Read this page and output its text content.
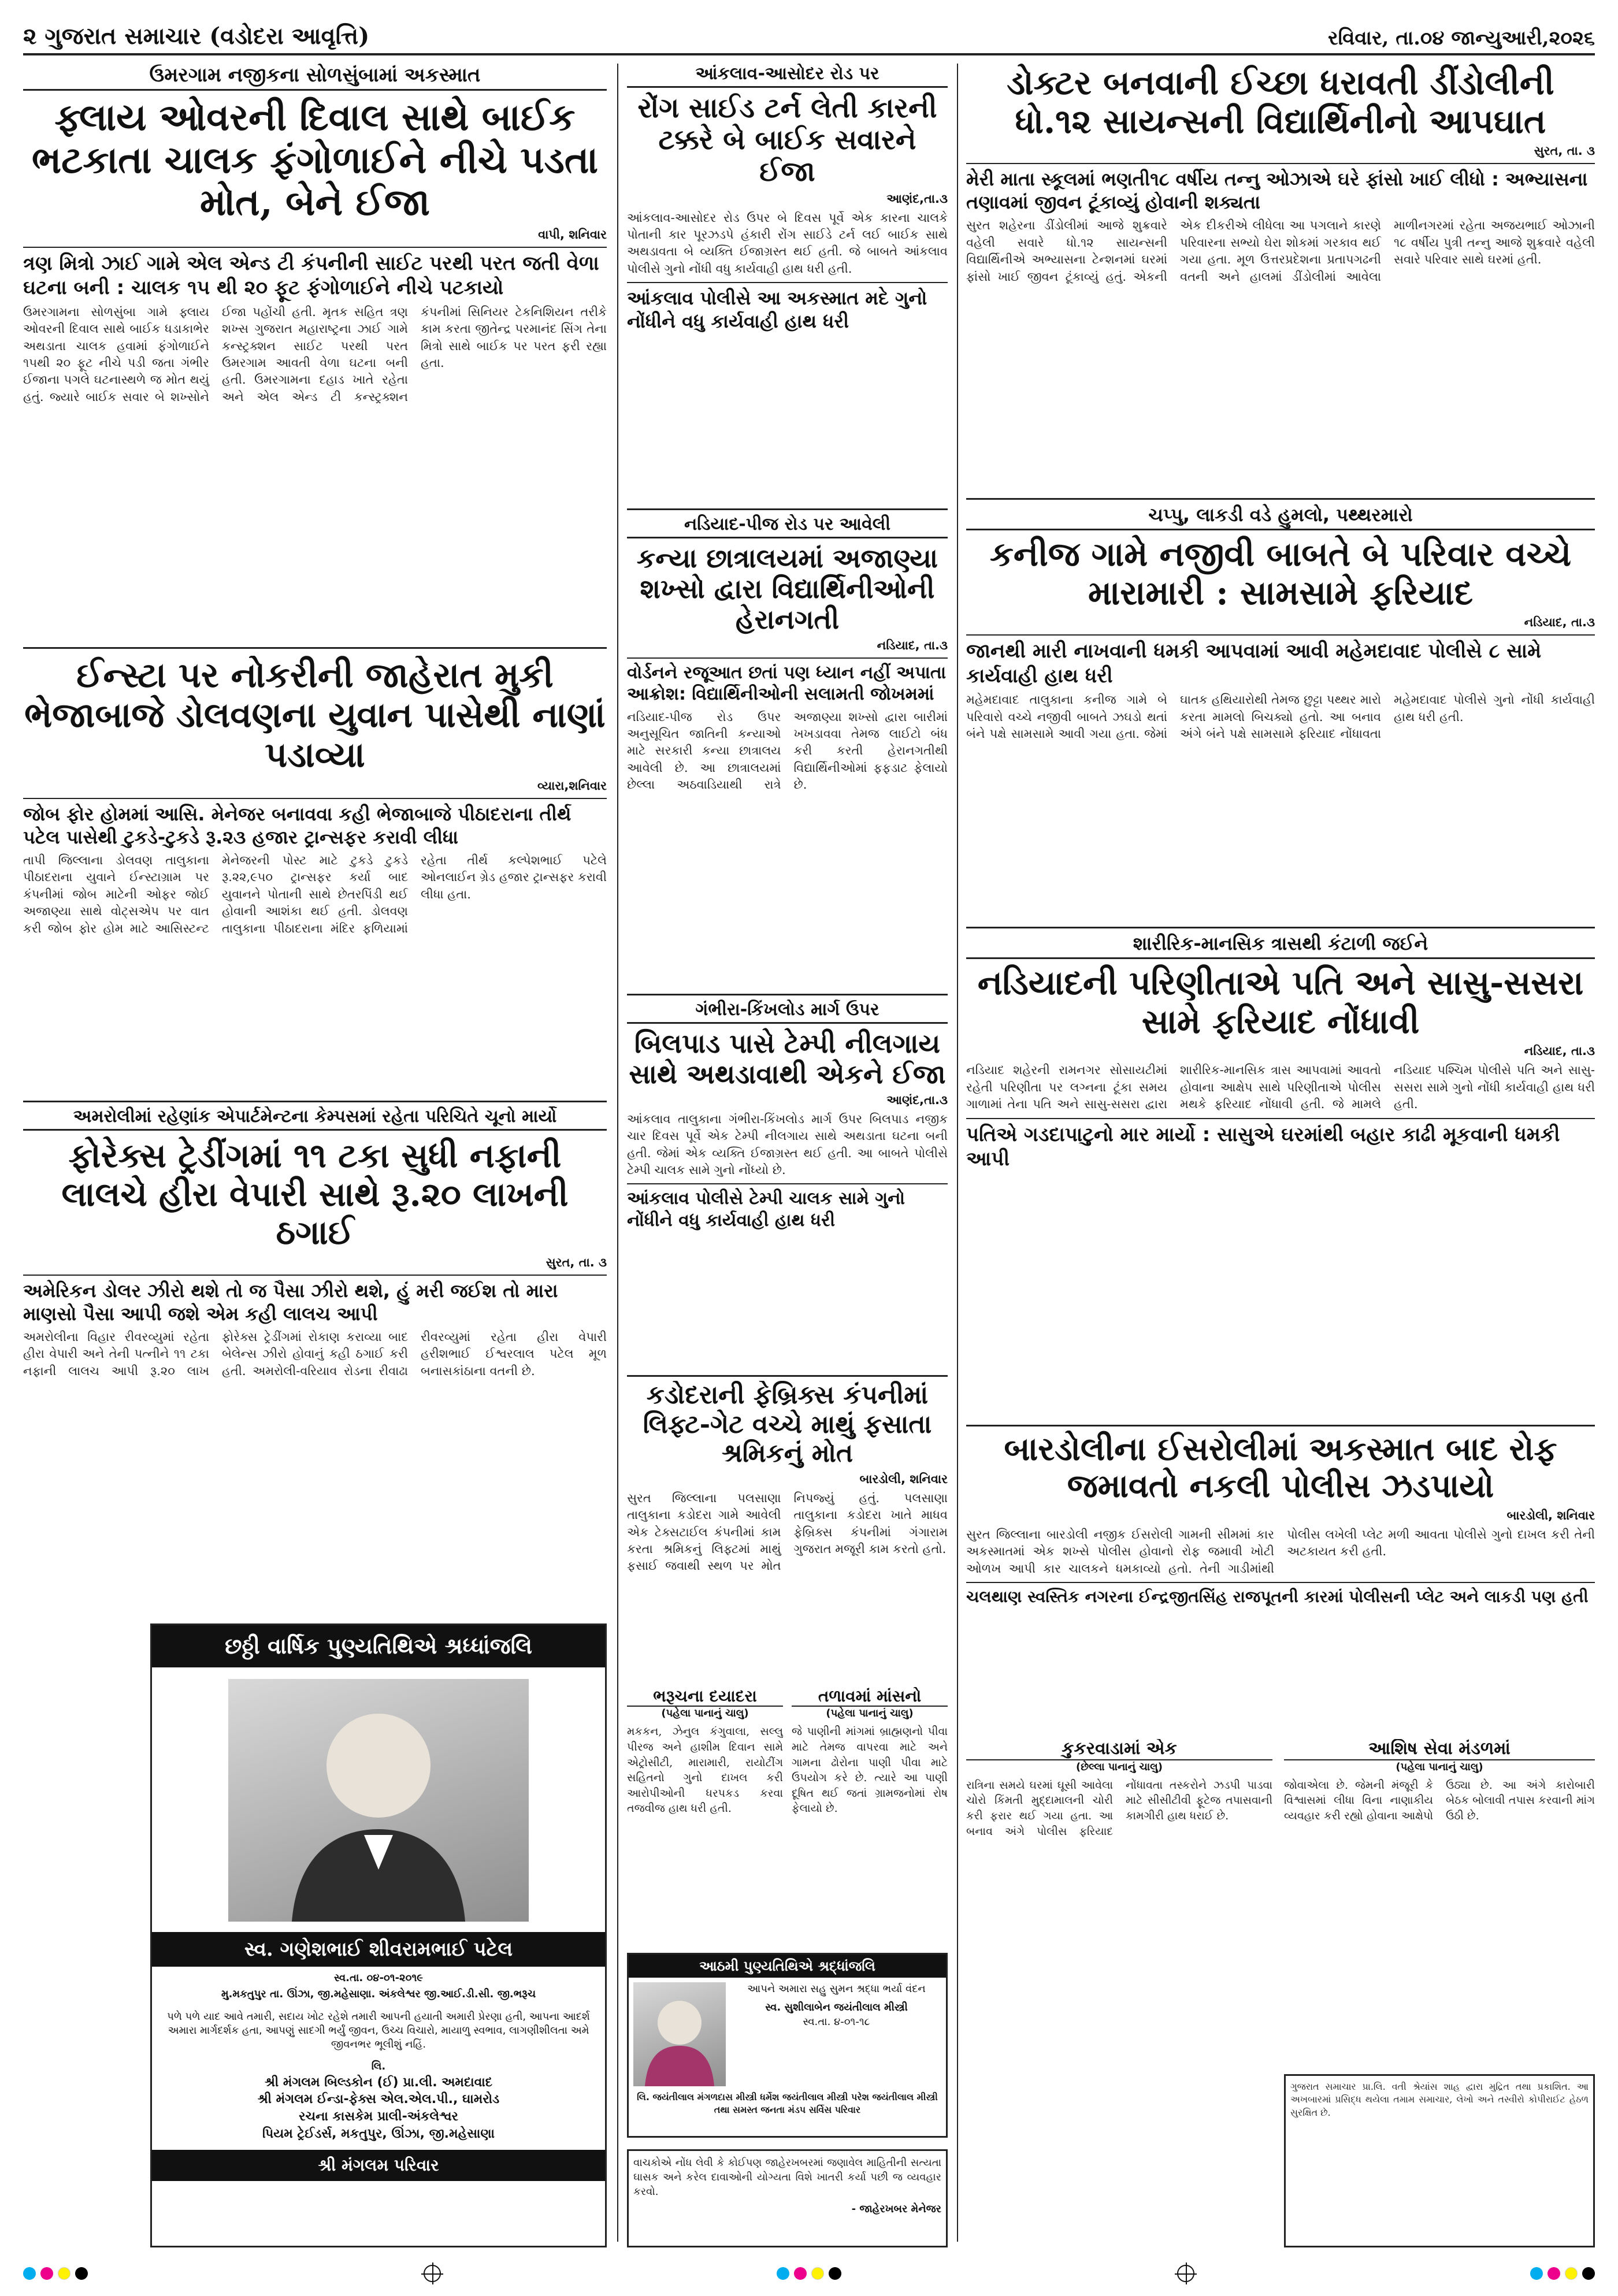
૨ ગુજરાત સમાચાર (વડોદરા આવૃત્તિ)	રવિવાર, તા.૦૪ જાન્યુઆરી,૨૦૨૬
ઉમરગામ નજીકના સોળસુંબામાં અકસ્માત
ફ્લાય ઓવરની દિવાલ સાથે બાઈક ભટકાતા ચાલક ફંગોળાઈને નીચે પડતા મોત, બેને ઈજા
વાપી, શનિવાર
ત્રણ મિત્રો ઝાઈ ગામે એલ એન્ડ ટી કંપનીની સાઈટ પરથી પરત જતી વેળા ઘટના બની : ચાલક ૧૫ થી ૨૦ ફૂટ ફંગોળાઈને નીચે પટકાયો
ઉમરગામના સોળસુંબા ગામે ફ્લાય ઓવરની દિવાલ સાથે બાઈક ધડાકાભેર અથડાતા ચાલક હવામાં ફંગોળાઈને ૧૫થી ૨૦ ફૂટ નીચે પડી જતા ગંભીર ઈજાના પગલે ઘટનાસ્થળે જ મોત થયું હતું. જ્યારે બાઈક સવાર બે શખ્સોને ઈજા પહોંચી હતી. મૃતક સહિત ત્રણ શખ્સ ગુજરાત મહારાષ્ટ્રના ઝાઈ ગામે કન્સ્ટ્રક્શન સાઈટ પરથી પરત ઉમરગામ આવતી વેળા ઘટના બની હતી. ઉમરગામના દહાડ ખાતે રહેતા અને એલ એન્ડ ટી કન્સ્ટ્રક્શન કંપનીમાં સિનિયર ટેકનિશિયન તરીકે કામ કરતા જીતેન્દ્ર પરમાનંદ સિંગ તેના મિત્રો સાથે બાઈક પર પરત ફરી રહ્યા હતા.
ઈન્સ્ટા પર નોકરીની જાહેરાત મુકી ભેજાબાજે ડોલવણના યુવાન પાસેથી નાણાં પડાવ્યા
વ્યારા,શનિવાર
જોબ ફોર હોમમાં આસિ. મેનેજર બનાવવા કહી ભેજાબાજે પીઠાદરાના તીર્થ પટેલ પાસેથી ટુકડે-ટુકડે રૂ.૨૩ હજાર ટ્રાન્સફર કરાવી લીધા
તાપી જિલ્લાના ડોલવણ તાલુકાના પીઠાદરાના યુવાને ઈન્સ્ટાગ્રામ પર કંપનીમાં જોબ માટેની ઓફર જોઈ અજાણ્યા સાથે વોટ્સએપ પર વાત કરી જોબ ફોર હોમ માટે આસિસ્ટન્ટ મેનેજરની પોસ્ટ માટે ટુકડે ટુકડે રૂ.૨૨,૯૫૦ ટ્રાન્સફર કર્યા બાદ યુવાનને પોતાની સાથે છેતરપિંડી થઈ હોવાની આશંકા થઈ હતી. ડોલવણ તાલુકાના પીઠાદરાના મંદિર ફળિયામાં રહેતા તીર્થ કલ્પેશભાઈ પટેલે ઓનલાઈન ગ્રેડ હજાર ટ્રાન્સફર કરાવી લીધા હતા.
અમરોલીમાં રહેણાંક એપાર્ટમેન્ટના કેમ્પસમાં રહેતા પરિચિતે ચૂનો માર્યો
ફોરેક્સ ટ્રેડીંગમાં ૧૧ ટકા સુધી નફાની લાલચે હીરા વેપારી સાથે રૂ.૨૦ લાખની ઠગાઈ
સુરત, તા. ૩
અમેરિકન ડોલર ઝીરો થશે તો જ પૈસા ઝીરો થશે, હું મરી જઈશ તો મારા માણસો પૈસા આપી જશે એમ કહી લાલચ આપી
અમરોલીના વિહાર રીવરવ્યુમાં રહેતા હીરા વેપારી અને તેની પત્નીને ૧૧ ટકા નફાની લાલચ આપી રૂ.૨૦ લાખ ફોરેક્સ ટ્રેડીંગમાં રોકાણ કરાવ્યા બાદ બેલેન્સ ઝીરો હોવાનું કહી ઠગાઈ કરી હતી. અમરોલી-વરિયાવ રોડના રીવાઢા રીવરવ્યુમાં રહેતા હીરા વેપારી હરીશભાઈ ઈશ્વરલાલ પટેલ મૂળ બનાસકાંઠાના વતની છે.
છઠ્ઠી વાર્ષિક પુણ્યતિથિએ શ્રધ્ધાંજલિ
સ્વ. ગણેશભાઈ શીવરામભાઈ પટેલ
સ્વ.તા. ૦૪-૦૧-૨૦૧૯
મુ.મકતુપુર તા. ઊંઝા, જી.મહેસાણા. અંકલેશ્વર જી.આઈ.ડી.સી. જી.ભરૂચ
પળે પળે યાદ આવે તમારી, સદાય ખોટ રહેશે તમારી આપની હયાતી અમારી પ્રેરણા હતી, આપના આદર્શ અમારા માર્ગદર્શક હતા, આપણું સાદગી ભર્યું જીવન, ઉચ્ચ વિચારો, માયાળુ સ્વભાવ, લાગણીશીલતા અમે જીવનભર ભૂલીશું નહિં.
લિ.
શ્રી મંગલમ બિલ્ડકોન (ઈ) પ્રા.લી. અમદાવાદ
શ્રી મંગલમ ઈન્ડા-ફેક્સ એલ.એલ.પી., ઘામરોડ
રચના કાસકેમ પ્રાલી-અંકલેશ્વર
પિયમ ટ્રેઈડર્સ, મકતુપુર, ઊંઝા, જી.મહેસાણા
શ્રી મંગલમ પરિવાર
આંકલાવ-આસોદર રોડ પર
રોંગ સાઈડ ટર્ન લેતી કારની ટક્કરે બે બાઈક સવારને ઈજા
આણંદ,તા.૩
આંકલાવ-આસોદર રોડ ઉપર બે દિવસ પૂર્વે એક કારના ચાલકે પોતાની કાર પૂરઝડપે હંકારી રોંગ સાઈડે ટર્ન લઈ બાઈક સાથે અથડાવતા બે વ્યક્તિ ઈજાગ્રસ્ત થઈ હતી. જે બાબતે આંકલાવ પોલીસે ગુનો નોંધી વધુ કાર્યવાહી હાથ ધરી હતી.
આંકલાવ પોલીસે આ અકસ્માત મદે ગુનો નોંધીને વધુ કાર્યવાહી હાથ ધરી
નડિયાદ-પીજ રોડ પર આવેલી
કન્યા છાત્રાલયમાં અજાણ્યા શખ્સો દ્વારા વિદ્યાર્થિનીઓની હેરાનગતી
નડિયાદ, તા.૩
વોર્ડનને રજૂઆત છતાં પણ ધ્યાન નહીં અપાતા આક્રોશ: વિદ્યાર્થિનીઓની સલામતી જોખમમાં
નડિયાદ-પીજ રોડ ઉપર અનુસૂચિત જાતિની કન્યાઓ માટે સરકારી કન્યા છાત્રાલય આવેલી છે. આ છાત્રાલયમાં છેલ્લા અઠવાડિયાથી રાત્રે અજાણ્યા શખ્સો દ્વારા બારીમાં ખખડાવવા તેમજ લાઈટો બંધ કરી કરતી હેરાનગતીથી વિદ્યાર્થિનીઓમાં ફફડાટ ફેલાયો છે.
ગંભીરા-કિંખલોડ માર્ગ ઉપર
બિલપાડ પાસે ટેમ્પી નીલગાય સાથે અથડાવાથી એકને ઈજા
આણંદ,તા.૩
આંકલાવ તાલુકાના ગંભીરા-કિંખલોડ માર્ગ ઉપર બિલપાડ નજીક ચાર દિવસ પૂર્વે એક ટેમ્પી નીલગાય સાથે અથડાતા ઘટના બની હતી. જેમાં એક વ્યક્તિ ઈજાગ્રસ્ત થઈ હતી. આ બાબતે પોલીસે ટેમ્પી ચાલક સામે ગુનો નોંધ્યો છે.
આંકલાવ પોલીસે ટેમ્પી ચાલક સામે ગુનો નોંધીને વધુ કાર્યવાહી હાથ ધરી
કડોદરાની ફેબ્રિક્સ કંપનીમાં લિફ્ટ-ગેટ વચ્ચે માથું ફસાતા શ્રમિકનું મોત
બારડોલી, શનિવાર
સુરત જિલ્લાના પલસાણા તાલુકાના કડોદરા ગામે આવેલી એક ટેક્સટાઈલ કંપનીમાં કામ કરતા શ્રમિકનું લિફ્ટમાં માથું ફસાઈ જવાથી સ્થળ પર મોત નિપજ્યું હતું. પલસાણા તાલુકાના કડોદરા ખાતે માધવ ફેબ્રિક્સ કંપનીમાં ગંગારામ ગુજરાત મજૂરી કામ કરતો હતો.
ભરૂચના દયાદરા
(પહેલા પાનાનું ચાલુ)
મકકન, ઝેનુલ કંગુવાલા, સલ્લુ પીરજ અને હાશીમ દિવાન સામે એટ્રોસીટી, મારામારી, રાયોટીંગ સહિતનો ગુનો દાખલ કરી આરોપીઓની ધરપકડ કરવા તજવીજ હાથ ધરી હતી.
તળાવમાં માંસનો
(પહેલા પાનાનું ચાલુ)
જે પાણીની માંગમાં બ્રાહ્મણનો પીવા માટે તેમજ વાપરવા માટે અને ગામના ઢોરોના પાણી પીવા માટે ઉપયોગ કરે છે. ત્યારે આ પાણી દૂષિત થઈ જતાં ગ્રામજનોમાં રોષ ફેલાયો છે.
આઠમી પુણ્યતિથિએ શ્રદ્ધાંજલિ
આપને અમારા સહુ સુમન શ્રદ્ધા ભર્યા વંદન
સ્વ. સુશીલાબેન જયંતીલાલ મીસ્ત્રી
સ્વ.તા. ૪-૦૧-૧૮
લિ. જયંતીલાલ મંગળદાસ મીસ્ત્રી ધર્મેશ જયંતીલાલ મીસ્ત્રી પરેશ જયંતીલાલ મીસ્ત્રી તથા સમસ્ત જનતા મંડપ સર્વિસ પરિવાર
વાચકોએ નોંધ લેવી કે કોઈપણ જાહેરખબરમાં જણાવેલ માહિતીની સત્યતા ઘાસક અને કરેલ દાવાઓની યોગ્યતા વિશે ખાતરી કર્યા પછી જ વ્યવહાર કરવો.
- જાહેરખબર મેનેજર
ડોક્ટર બનવાની ઈચ્છા ધરાવતી ડીંડોલીની ધો.૧૨ સાયન્સની વિદ્યાર્થિનીનો આપઘાત
સુરત, તા. ૩
મેરી માતા સ્કૂલમાં ભણતી૧૮ વર્ષીય તન્નુ ઓઝાએ ઘરે ફાંસો ખાઈ લીધો : અભ્યાસના તણાવમાં જીવન ટૂંકાવ્યું હોવાની શક્યતા
સુરત શહેરના ડીંડોલીમાં આજે શુક્રવારે વહેલી સવારે ધો.૧૨ સાયન્સની વિદ્યાર્થિનીએ અભ્યાસના ટેન્શનમાં ઘરમાં ફાંસો ખાઈ જીવન ટૂંકાવ્યું હતું. એકની એક દીકરીએ લીધેલા આ પગલાને કારણે પરિવારના સભ્યો ઘેરા શોકમાં ગરકાવ થઈ ગયા હતા. મૂળ ઉત્તરપ્રદેશના પ્રતાપગઢની વતની અને હાલમાં ડીંડોલીમાં આવેલા માળીનગરમાં રહેતા અજયભાઈ ઓઝાની ૧૮ વર્ષીય પુત્રી તન્નુ આજે શુક્રવારે વહેલી સવારે પરિવાર સાથે ઘરમાં હતી.
ચપ્પુ, લાકડી વડે હુમલો, પથ્થરમારો
કનીજ ગામે નજીવી બાબતે બે પરિવાર વચ્ચે મારામારી : સામસામે ફરિયાદ
નડિયાદ, તા.૩
જાનથી મારી નાખવાની ધમકી આપવામાં આવી મહેમદાવાદ પોલીસે ૮ સામે કાર્યવાહી હાથ ધરી
મહેમદાવાદ તાલુકાના કનીજ ગામે બે પરિવારો વચ્ચે નજીવી બાબતે ઝઘડો થતાં બંને પક્ષે સામસામે આવી ગયા હતા. જેમાં ઘાતક હથિયારોથી તેમજ છુટ્ટા પથ્થર મારો કરતા મામલો બિચક્યો હતો. આ બનાવ અંગે બંને પક્ષે સામસામે ફરિયાદ નોંધાવતા મહેમદાવાદ પોલીસે ગુનો નોંધી કાર્યવાહી હાથ ધરી હતી.
શારીરિક-માનસિક ત્રાસથી કંટાળી જઈને
નડિયાદની પરિણીતાએ પતિ અને સાસુ-સસરા સામે ફરિયાદ નોંધાવી
નડિયાદ, તા.૩
નડિયાદ શહેરની રામનગર સોસાયટીમાં રહેતી પરિણીતા પર લગ્નના ટૂંકા સમય ગાળામાં તેના પતિ અને સાસુ-સસરા દ્વારા શારીરિક-માનસિક ત્રાસ આપવામાં આવતો હોવાના આક્ષેપ સાથે પરિણીતાએ પોલીસ મથકે ફરિયાદ નોંધાવી હતી. જે મામલે નડિયાદ પશ્ચિમ પોલીસે પતિ અને સાસુ-સસરા સામે ગુનો નોંધી કાર્યવાહી હાથ ધરી હતી.
પતિએ ગડદાપાટુનો માર માર્યો : સાસુએ ઘરમાંથી બહાર કાઢી મૂકવાની ધમકી આપી
બારડોલીના ઈસરોલીમાં અકસ્માત બાદ રોફ જમાવતો નકલી પોલીસ ઝડપાયો
બારડોલી, શનિવાર
સુરત જિલ્લાના બારડોલી નજીક ઈસરોલી ગામની સીમમાં કાર અકસ્માતમાં એક શખ્સે પોલીસ હોવાનો રોફ જમાવી ખોટી ઓળખ આપી કાર ચાલકને ધમકાવ્યો હતો. તેની ગાડીમાંથી પોલીસ લખેલી પ્લેટ મળી આવતા પોલીસે ગુનો દાખલ કરી તેની અટકાયત કરી હતી.
ચલથાણ સ્વસ્તિક નગરના ઈન્દ્રજીતસિંહ રાજપૂતની કારમાં પોલીસની પ્લેટ અને લાકડી પણ હતી
કુકરવાડામાં એક
(છેલ્લા પાનાનું ચાલુ)
રાત્રિના સમયે ઘરમાં ઘૂસી આવેલા ચોરો કિંમતી મુદ્દામાલની ચોરી કરી ફરાર થઈ ગયા હતા. આ બનાવ અંગે પોલીસ ફરિયાદ નોંધાવતા તસ્કરોને ઝડપી પાડવા માટે સીસીટીવી ફૂટેજ તપાસવાની કામગીરી હાથ ધરાઈ છે.
આશિષ સેવા મંડળમાં
(પહેલા પાનાનું ચાલુ)
જોવાએલા છે. જેમની મંજૂરી કે વિશ્વાસમાં લીધા વિના નાણાકીય વ્યવહાર કરી રહ્યો હોવાના આક્ષેપો ઉઠ્યા છે. આ અંગે કારોબારી બેઠક બોલાવી તપાસ કરવાની માંગ ઉઠી છે.
ગુજરાત સમાચાર પ્રા.લિ. વતી શ્રેયાંસ શાહ દ્વારા મુદ્રિત તથા પ્રકાશિત. આ અખબારમાં પ્રસિદ્ધ થયેલા તમામ સમાચાર, લેખો અને તસ્વીરો કોપીરાઈટ હેઠળ સુરક્ષિત છે.
